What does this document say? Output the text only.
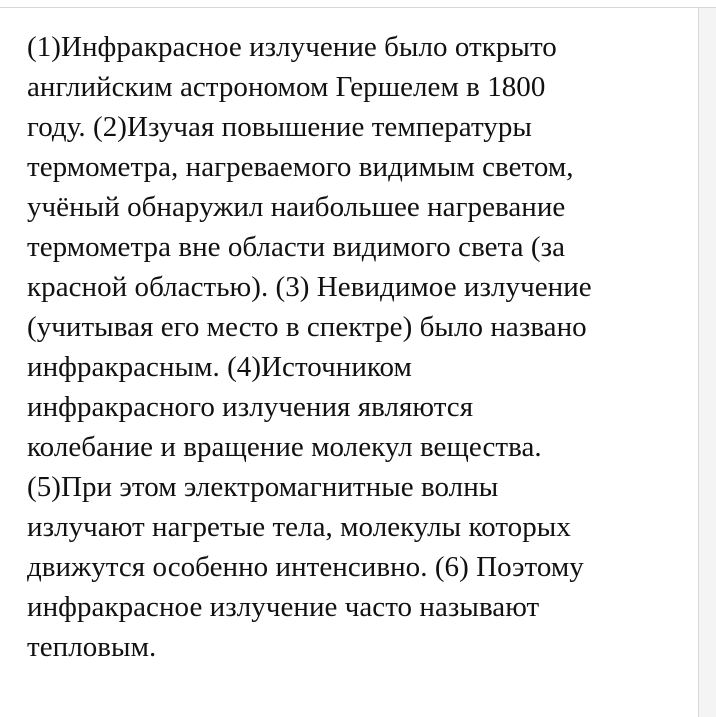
(1)Инфракрасное излучение было открыто
английским астрономом Гершелем в 1800
году. (2)Изучая повышение температуры
термометра, нагреваемого видимым светом,
учёный обнаружил наибольшее нагревание
термометра вне области видимого света (за
красной областью). (3) Невидимое излучение
(учитывая его место в спектре) было названо
инфракрасным. (4)Источником
инфракрасного излучения являются
колебание и вращение молекул вещества.
(5)При этом электромагнитные волны
излучают нагретые тела, молекулы которых
движутся особенно интенсивно. (6) Поэтому
инфракрасное излучение часто называют
тепловым.
